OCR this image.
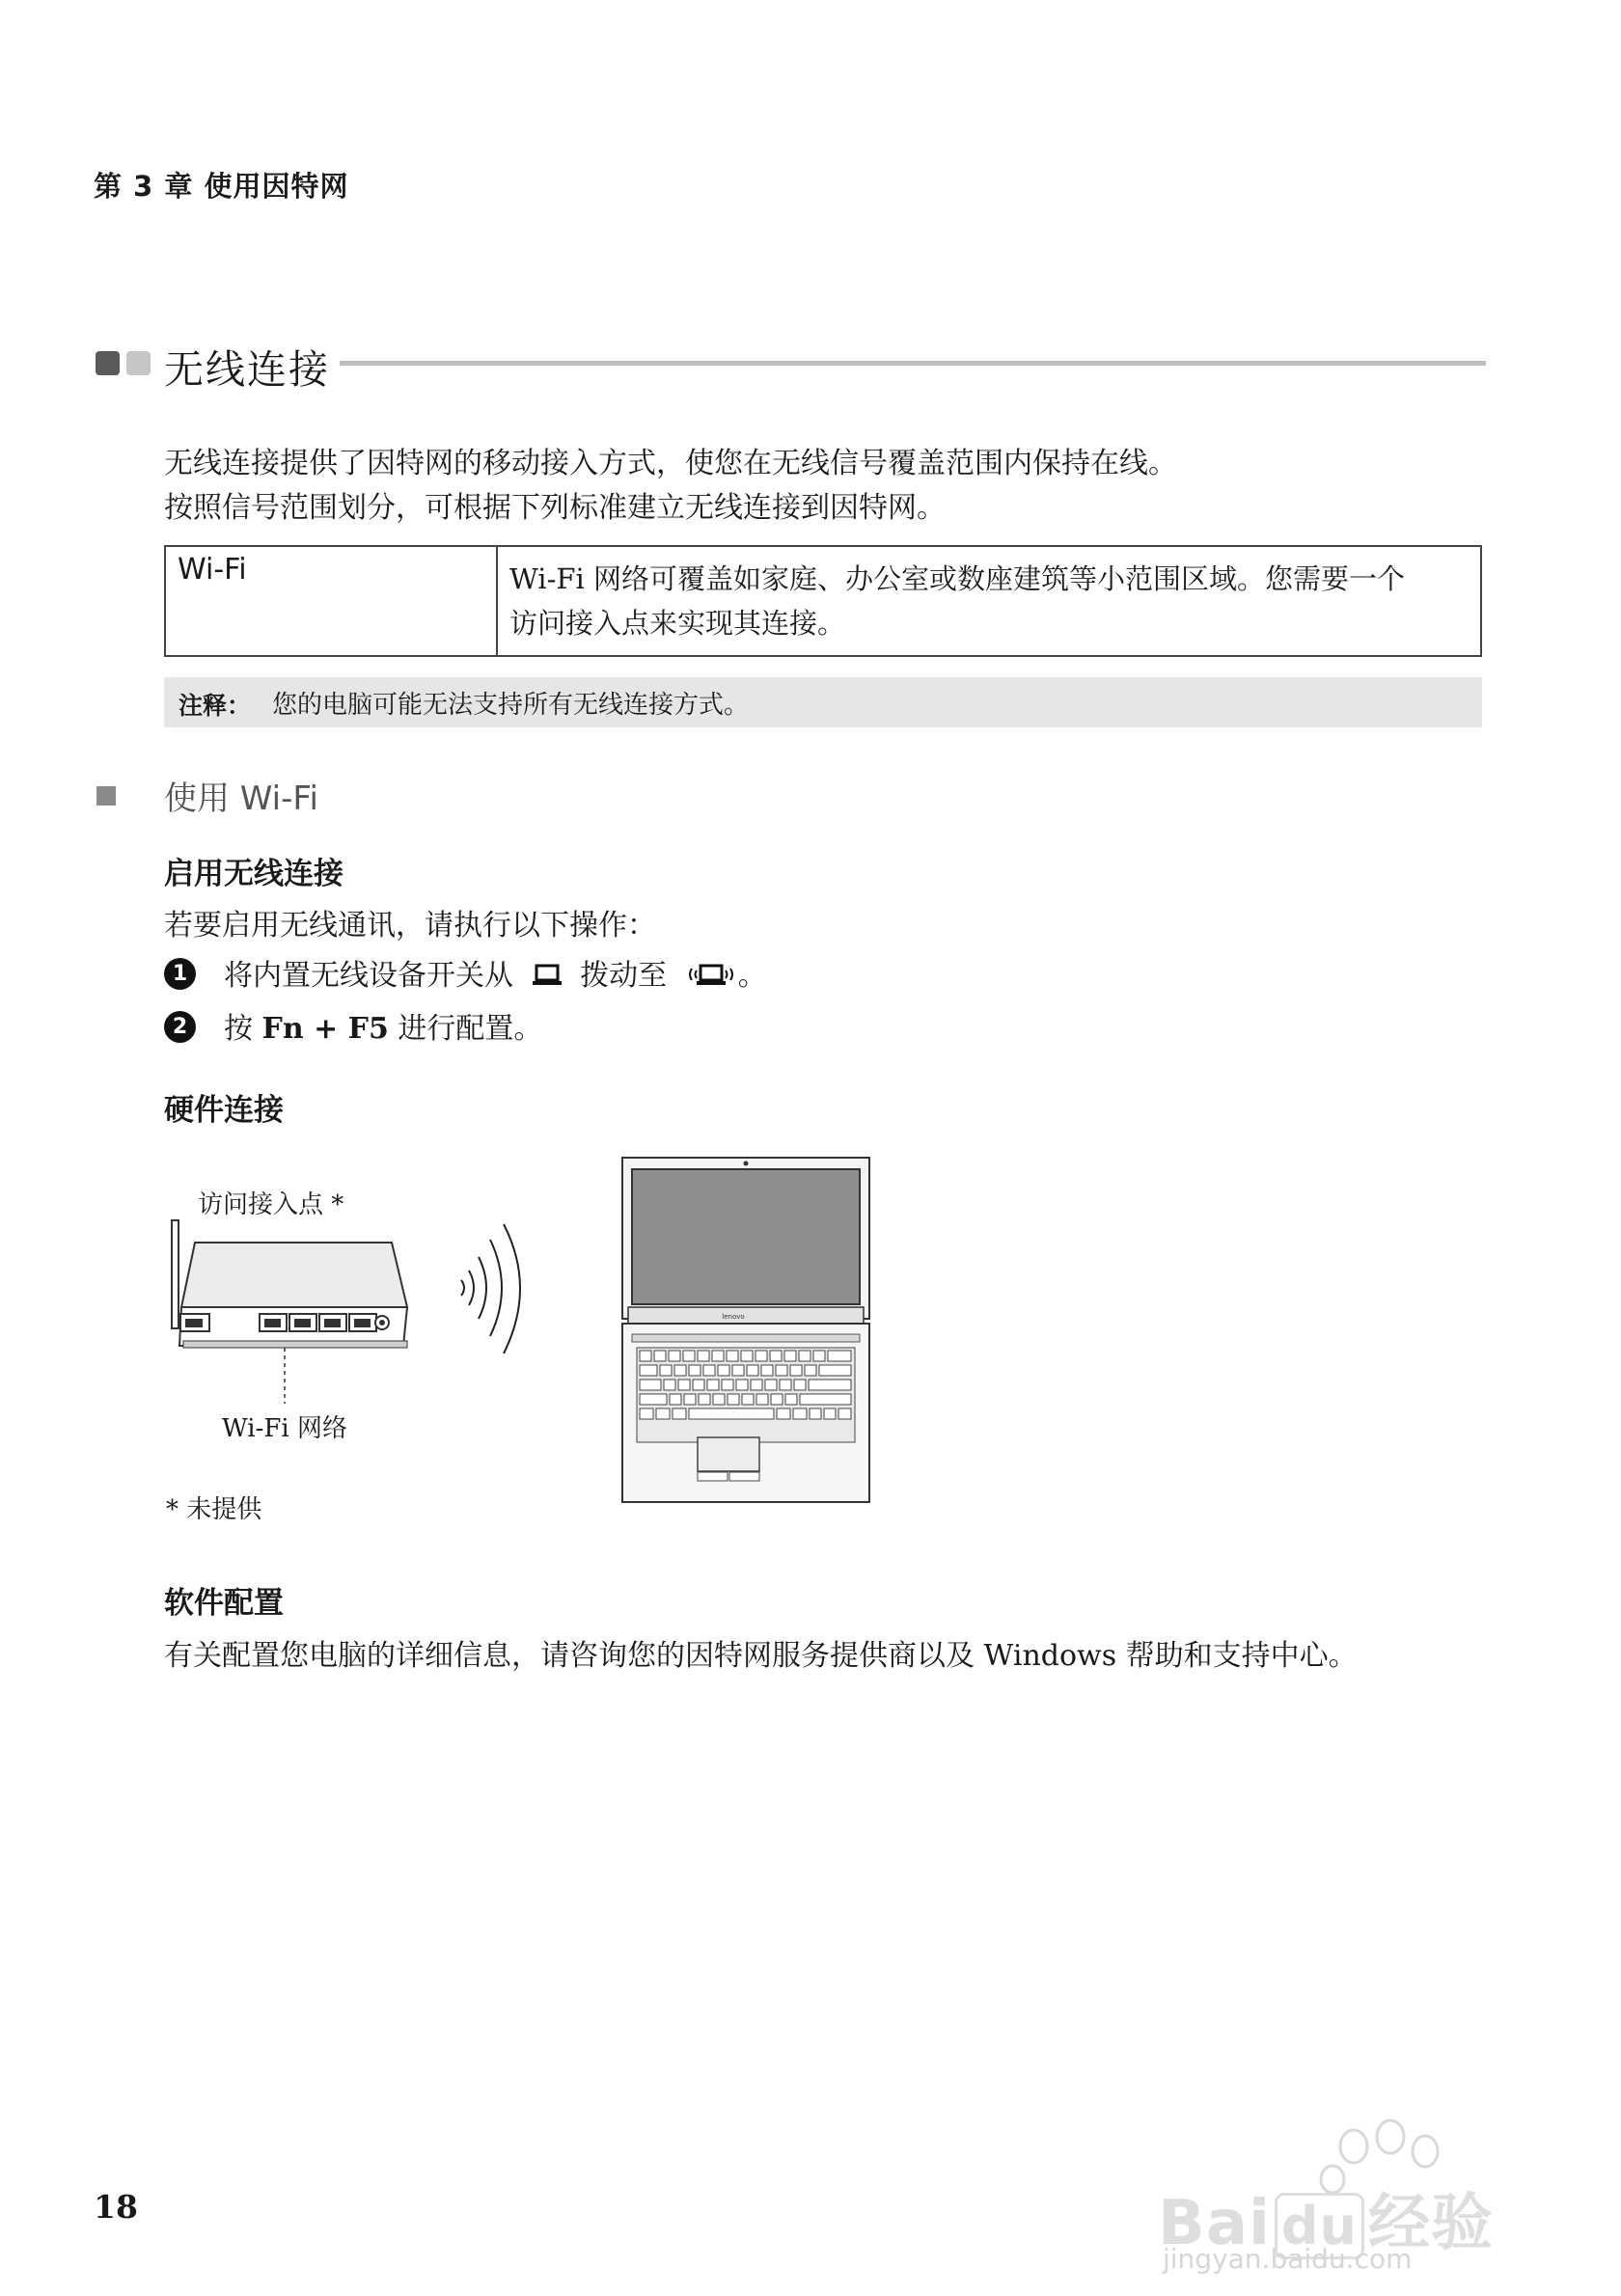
第 3 章 使用因特网
无线连接
无线连接提供了因特网的移动接入方式，使您在无线信号覆盖范围内保持在线。
按照信号范围划分，可根据下列标准建立无线连接到因特网。
Wi-Fi	Wi-Fi 网络可覆盖如家庭、办公室或数座建筑等小范围区域。您需要一个
访问接入点来实现其连接。
注释： 您的电脑可能无法支持所有无线连接方式。
使用 Wi-Fi
启用无线连接
若要启用无线通讯，请执行以下操作：
1 将内置无线设备开关从 拨动至 。
2 按 Fn + F5 进行配置。
硬件连接
lenovo
访问接入点 *
Wi-Fi 网络
* 未提供
软件配置
有关配置您电脑的详细信息，请咨询您的因特网服务提供商以及 Windows 帮助和支持中心。
18	Bai du 经验
jingyan.baidu.com
